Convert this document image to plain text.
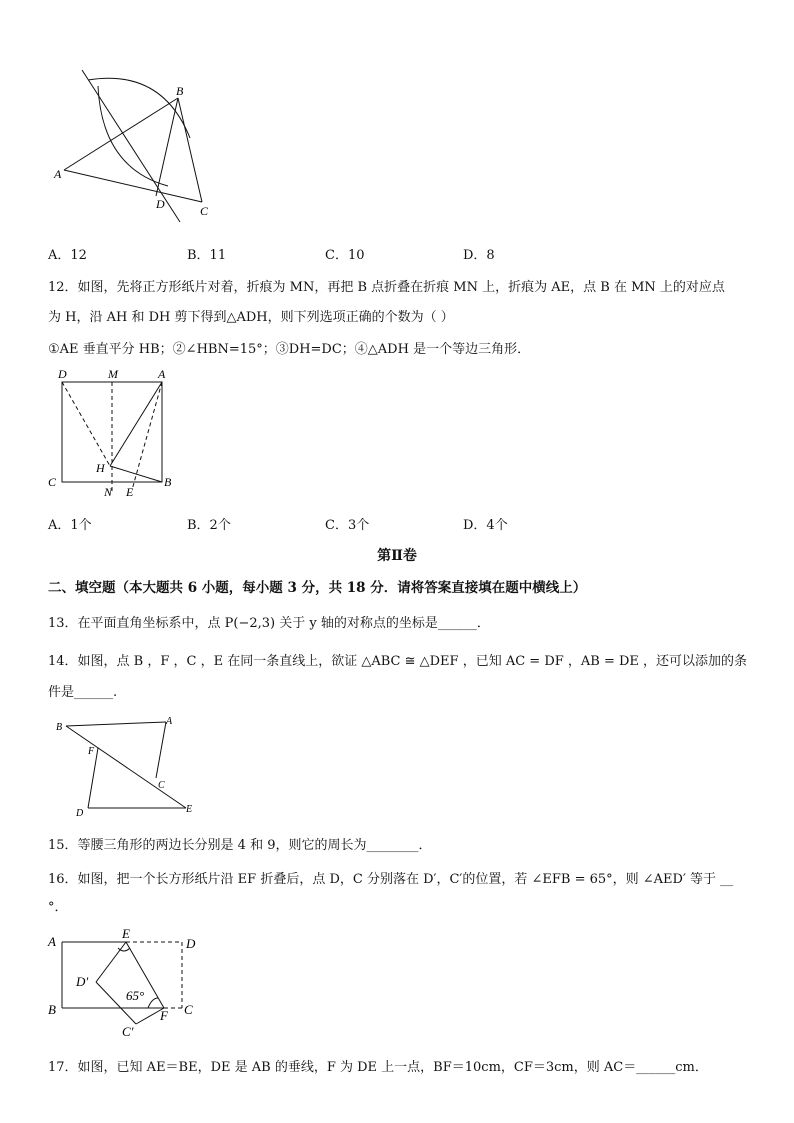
B
A
D	C
A．12	B．11	C．10	D．8
12．如图，先将正方形纸片对着，折痕为 MN，再把 B 点折叠在折痕 MN 上，折痕为 AE，点 B 在 MN 上的对应点
为 H，沿 AH 和 DH 剪下得到△ADH，则下列选项正确的个数为（ ）
①AE 垂直平分 HB；②∠HBN=15°；③DH=DC；④△ADH 是一个等边三角形．
D	M	A
H
C
N E
B
A．1个	B．2个	C．3个	D．4个
第Ⅱ卷
二、填空题（本大题共 6 小题，每小题 3 分，共 18 分．请将答案直接填在题中横线上）
13．在平面直角坐标系中，点 P(−2,3) 关于 y 轴的对称点的坐标是______．
14．如图，点 B ，F ，C ，E 在同一条直线上，欲证 △ABC ≅ △DEF ，已知 AC = DF ，AB = DE ，还可以添加的条
件是______.
B
A
F
C
D	E
15．等腰三角形的两边长分别是 4 和 9，则它的周长为________．
16．如图，把一个长方形纸片沿 EF 折叠后，点 D，C 分别落在 D′，C′的位置，若 ∠EFB = 65°，则 ∠AED′ 等于 __
°．
A
E
D
D′
65°
B	F C
C′
17．如图，已知 AE＝BE，DE 是 AB 的垂线，F 为 DE 上一点，BF＝10cm，CF＝3cm，则 AC＝______cm．
